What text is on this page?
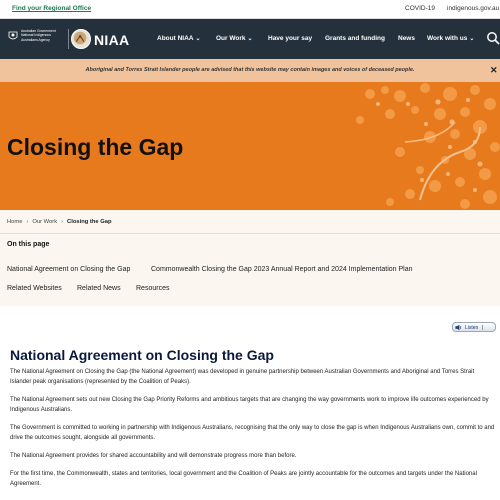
Find your Regional Office	COVID-19 indigenous.gov.au
Australian Government
National Indigenous
Australians Agency	NIAA	About NIAA ⌄ Our Work ⌄ Have your say Grants and funding News Work with us ⌄
Aboriginal and Torres Strait Islander people are advised that this website may contain images and voices of deceased people.	✕
Closing the Gap
Home › Our Work › Closing the Gap
On this page
National Agreement on Closing the Gap	Commonwealth Closing the Gap 2023 Annual Report and 2024 Implementation Plan
Related Websites Related News Resources
Listen
National Agreement on Closing the Gap

The National Agreement on Closing the Gap (the National Agreement) was developed in genuine partnership between Australian Governments and Aboriginal and Torres Strait Islander peak organisations (represented by the Coalition of Peaks).

The National Agreement sets out new Closing the Gap Priority Reforms and ambitious targets that are changing the way governments work to improve life outcomes experienced by Indigenous Australians.

The Government is committed to working in partnership with Indigenous Australians, recognising that the only way to close the gap is when Indigenous Australians own, commit to and drive the outcomes sought, alongside all governments.

The National Agreement provides for shared accountability and will demonstrate progress more than before.

For the first time, the Commonwealth, states and territories, local government and the Coalition of Peaks are jointly accountable for the outcomes and targets under the National Agreement.
